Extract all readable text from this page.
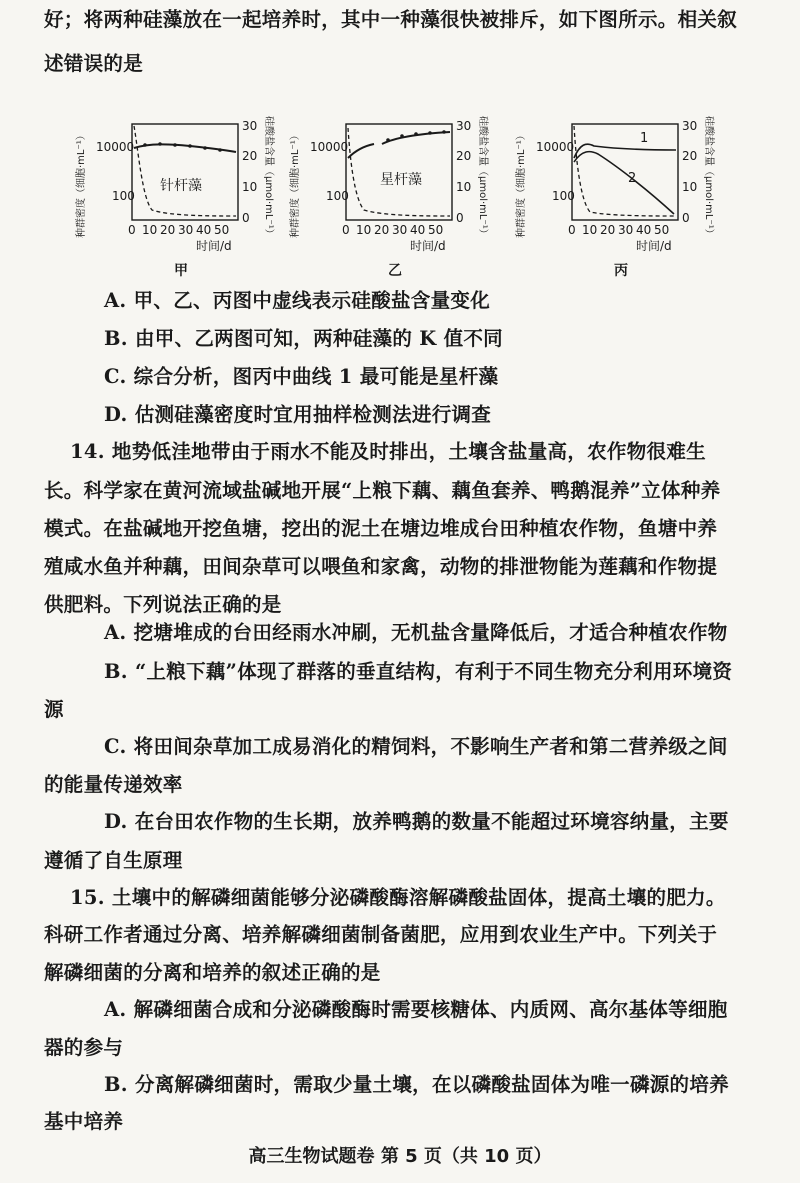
好；将两种硅藻放在一起培养时，其中一种藻很快被排斥，如下图所示。相关叙
述错误的是
种群密度（细胞·mL⁻¹） 10000
100
针杆藻
30
20
10
0 硅酸盐含量（μmol·mL⁻¹）
0 10 20 30 40 50
时间/d
甲
种群密度（细胞·mL⁻¹） 10000
100
星杆藻
30
20
10
0 硅酸盐含量（μmol·mL⁻¹）
0 10 20 30 40 50
时间/d
乙
种群密度（细胞·mL⁻¹） 10000
100
1
2
30
20
10
0 硅酸盐含量（μmol·mL⁻¹）
0 10 20 30 40 50
时间/d
丙
A. 甲、乙、丙图中虚线表示硅酸盐含量变化
B. 由甲、乙两图可知，两种硅藻的 K 值不同
C. 综合分析，图丙中曲线 1 最可能是星杆藻
D. 估测硅藻密度时宜用抽样检测法进行调查
14. 地势低洼地带由于雨水不能及时排出，土壤含盐量高，农作物很难生
长。科学家在黄河流域盐碱地开展“上粮下藕、藕鱼套养、鸭鹅混养”立体种养
模式。在盐碱地开挖鱼塘，挖出的泥土在塘边堆成台田种植农作物，鱼塘中养
殖咸水鱼并种藕，田间杂草可以喂鱼和家禽，动物的排泄物能为莲藕和作物提
供肥料。下列说法正确的是
A. 挖塘堆成的台田经雨水冲刷，无机盐含量降低后，才适合种植农作物
B. “上粮下藕”体现了群落的垂直结构，有利于不同生物充分利用环境资
源
C. 将田间杂草加工成易消化的精饲料，不影响生产者和第二营养级之间
的能量传递效率
D. 在台田农作物的生长期，放养鸭鹅的数量不能超过环境容纳量，主要
遵循了自生原理
15. 土壤中的解磷细菌能够分泌磷酸酶溶解磷酸盐固体，提高土壤的肥力。
科研工作者通过分离、培养解磷细菌制备菌肥，应用到农业生产中。下列关于
解磷细菌的分离和培养的叙述正确的是
A. 解磷细菌合成和分泌磷酸酶时需要核糖体、内质网、高尔基体等细胞
器的参与
B. 分离解磷细菌时，需取少量土壤，在以磷酸盐固体为唯一磷源的培养
基中培养
高三生物试题卷 第 5 页（共 10 页）
